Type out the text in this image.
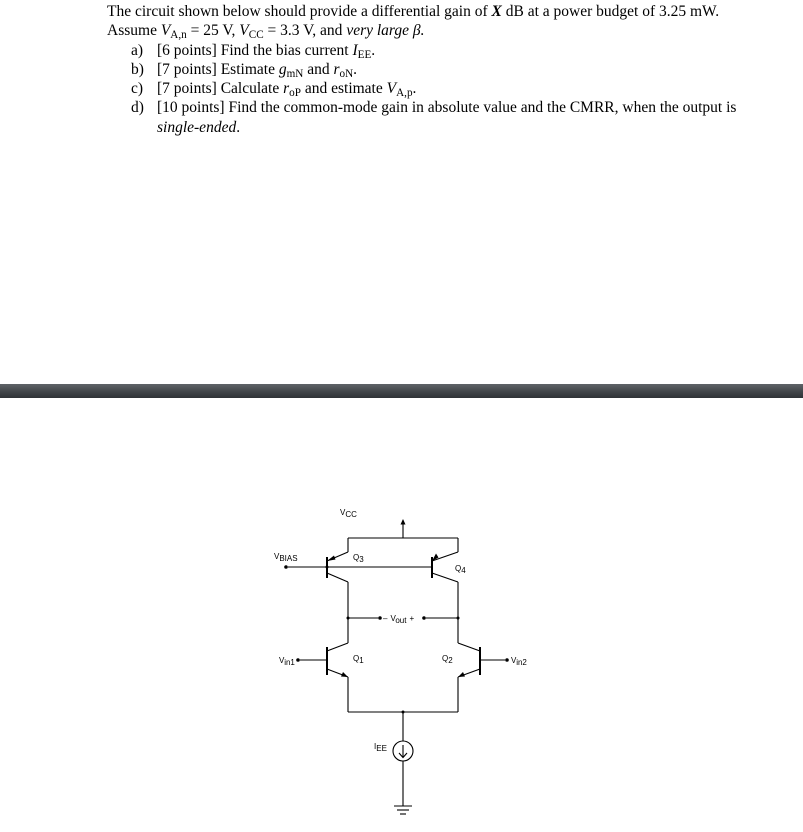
The circuit shown below should provide a differential gain of X dB at a power budget of 3.25 mW. Assume $V_{A,n} = 25$ V, $V_{CC} = 3.3$ V, and very large β.

a) [6 points] Find the bias current $I_{EE}$.
b) [7 points] Estimate $g_{mN}$ and $r_{oN}$.
c) [7 points] Calculate $r_{oP}$ and estimate $V_{A,p}$.
d) [10 points] Find the common-mode gain in absolute value and the CMRR, when the output is single-ended.
VCC
VBIAS	Q3
Q4
– Vout +
Q1
Vin1	Q2	Vin2
IEE
